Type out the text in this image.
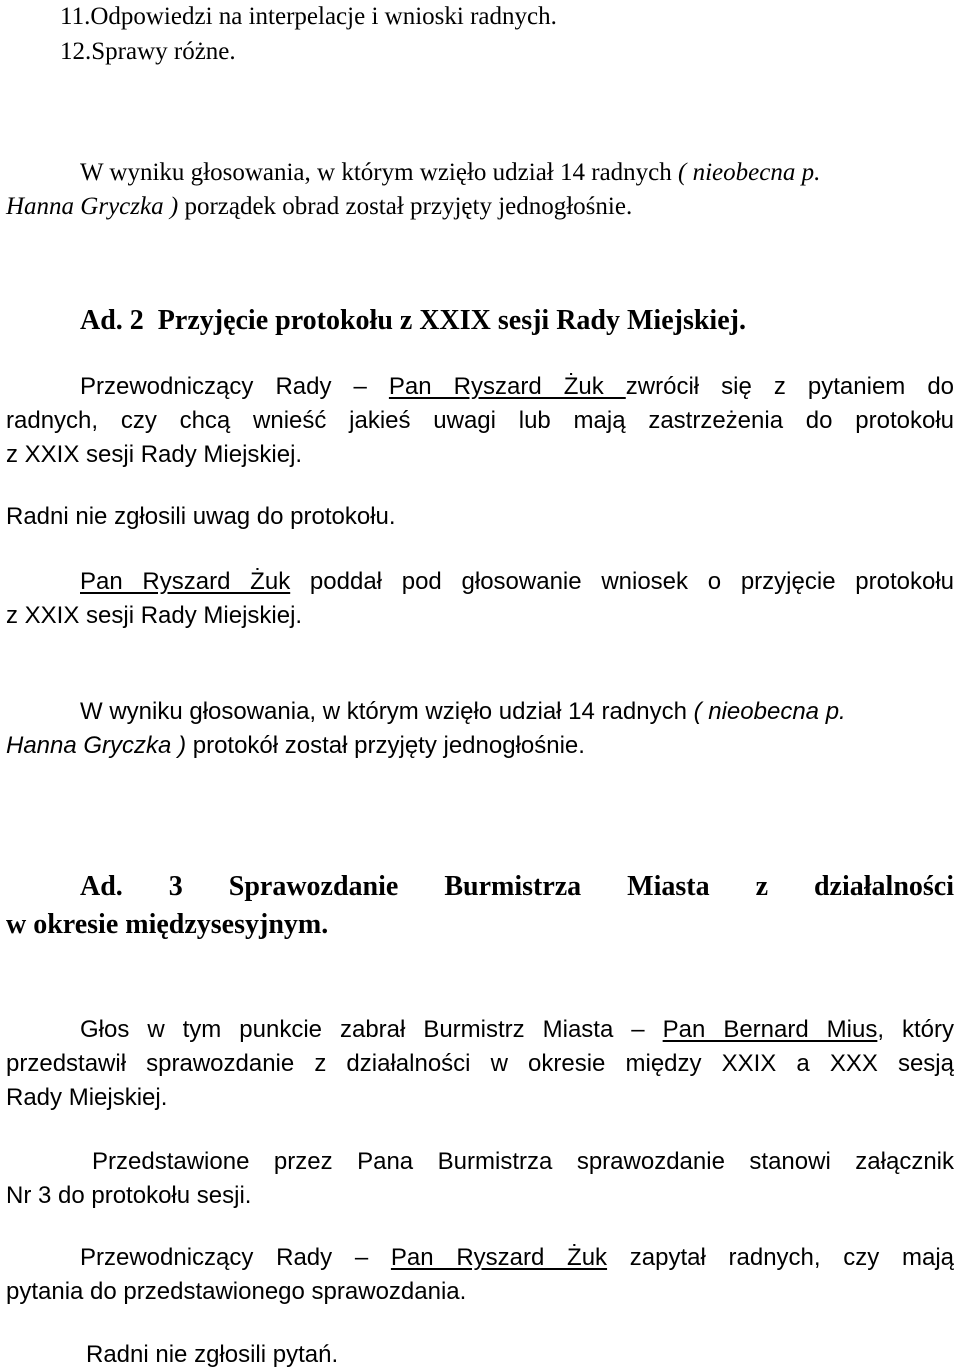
11.Odpowiedzi na interpelacje i wnioski radnych.
12.Sprawy różne.
W wyniku głosowania, w którym wzięło udział 14 radnych ( nieobecna p.
Hanna Gryczka ) porządek obrad został przyjęty jednogłośnie.
Ad. 2 Przyjęcie protokołu z XXIX sesji Rady Miejskiej.
Przewodniczący Rady – Pan Ryszard Żuk zwrócił się z pytaniem do
radnych, czy chcą wnieść jakieś uwagi lub mają zastrzeżenia do protokołu
z XXIX sesji Rady Miejskiej.
Radni nie zgłosili uwag do protokołu.
Pan Ryszard Żuk poddał pod głosowanie wniosek o przyjęcie protokołu
z XXIX sesji Rady Miejskiej.
W wyniku głosowania, w którym wzięło udział 14 radnych ( nieobecna p.
Hanna Gryczka ) protokół został przyjęty jednogłośnie.
Ad. 3 Sprawozdanie Burmistrza Miasta z działalności
w okresie międzysesyjnym.
Głos w tym punkcie zabrał Burmistrz Miasta – Pan Bernard Mius, który
przedstawił sprawozdanie z działalności w okresie między XXIX a XXX sesją
Rady Miejskiej.
Przedstawione przez Pana Burmistrza sprawozdanie stanowi załącznik
Nr 3 do protokołu sesji.
Przewodniczący Rady – Pan Ryszard Żuk zapytał radnych, czy mają
pytania do przedstawionego sprawozdania.
Radni nie zgłosili pytań.
